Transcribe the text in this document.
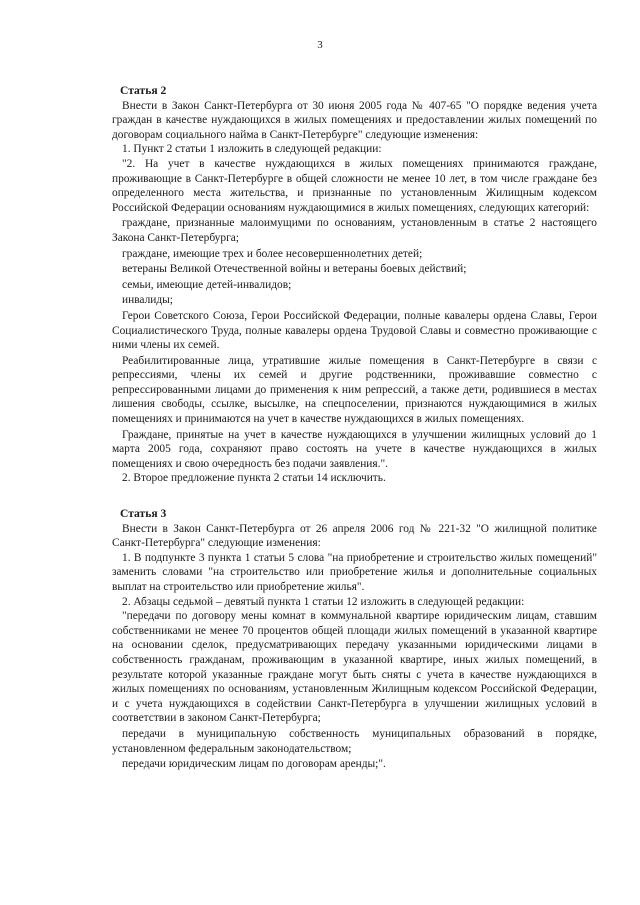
3
Статья 2

Внести в Закон Санкт-Петербурга от 30 июня 2005 года № 407-65 "О порядке ведения учета граждан в качестве нуждающихся в жилых помещениях и предоставлении жилых помещений по договорам социального найма в Санкт-Петербурге" следующие изменения:

1. Пункт 2 статьи 1 изложить в следующей редакции:

"2. На учет в качестве нуждающихся в жилых помещениях принимаются граждане, проживающие в Санкт-Петербурге в общей сложности не менее 10 лет, в том числе граждане без определенного места жительства, и признанные по установленным Жилищным кодексом Российской Федерации основаниям нуждающимися в жилых помещениях, следующих категорий:

граждане, признанные малоимущими по основаниям, установленным в статье 2 настоящего Закона Санкт-Петербурга;

граждане, имеющие трех и более несовершеннолетних детей;

ветераны Великой Отечественной войны и ветераны боевых действий;

семьи, имеющие детей-инвалидов;

инвалиды;

Герои Советского Союза, Герои Российской Федерации, полные кавалеры ордена Славы, Герои Социалистического Труда, полные кавалеры ордена Трудовой Славы и совместно проживающие с ними члены их семей.

Реабилитированные лица, утратившие жилые помещения в Санкт-Петербурге в связи с репрессиями, члены их семей и другие родственники, проживавшие совместно с репрессированными лицами до применения к ним репрессий, а также дети, родившиеся в местах лишения свободы, ссылке, высылке, на спецпоселении, признаются нуждающимися в жилых помещениях и принимаются на учет в качестве нуждающихся в жилых помещениях.

Граждане, принятые на учет в качестве нуждающихся в улучшении жилищных условий до 1 марта 2005 года, сохраняют право состоять на учете в качестве нуждающихся в жилых помещениях и свою очередность без подачи заявления.".

2. Второе предложение пункта 2 статьи 14 исключить.

Статья 3

Внести в Закон Санкт-Петербурга от 26 апреля 2006 год № 221-32 "О жилищной политике Санкт-Петербурга" следующие изменения:

1. В подпункте 3 пункта 1 статьи 5 слова "на приобретение и строительство жилых помещений" заменить словами "на строительство или приобретение жилья и дополнительные социальных выплат на строительство или приобретение жилья".

2. Абзацы седьмой – девятый пункта 1 статьи 12 изложить в следующей редакции:

"передачи по договору мены комнат в коммунальной квартире юридическим лицам, ставшим собственниками не менее 70 процентов общей площади жилых помещений в указанной квартире на основании сделок, предусматривающих передачу указанными юридическими лицами в собственность гражданам, проживающим в указанной квартире, иных жилых помещений, в результате которой указанные граждане могут быть сняты с учета в качестве нуждающихся в жилых помещениях по основаниям, установленным Жилищным кодексом Российской Федерации, и с учета нуждающихся в содействии Санкт-Петербурга в улучшении жилищных условий в соответствии в законом Санкт-Петербурга;

передачи в муниципальную собственность муниципальных образований в порядке, установленном федеральным законодательством;

передачи юридическим лицам по договорам аренды;".
